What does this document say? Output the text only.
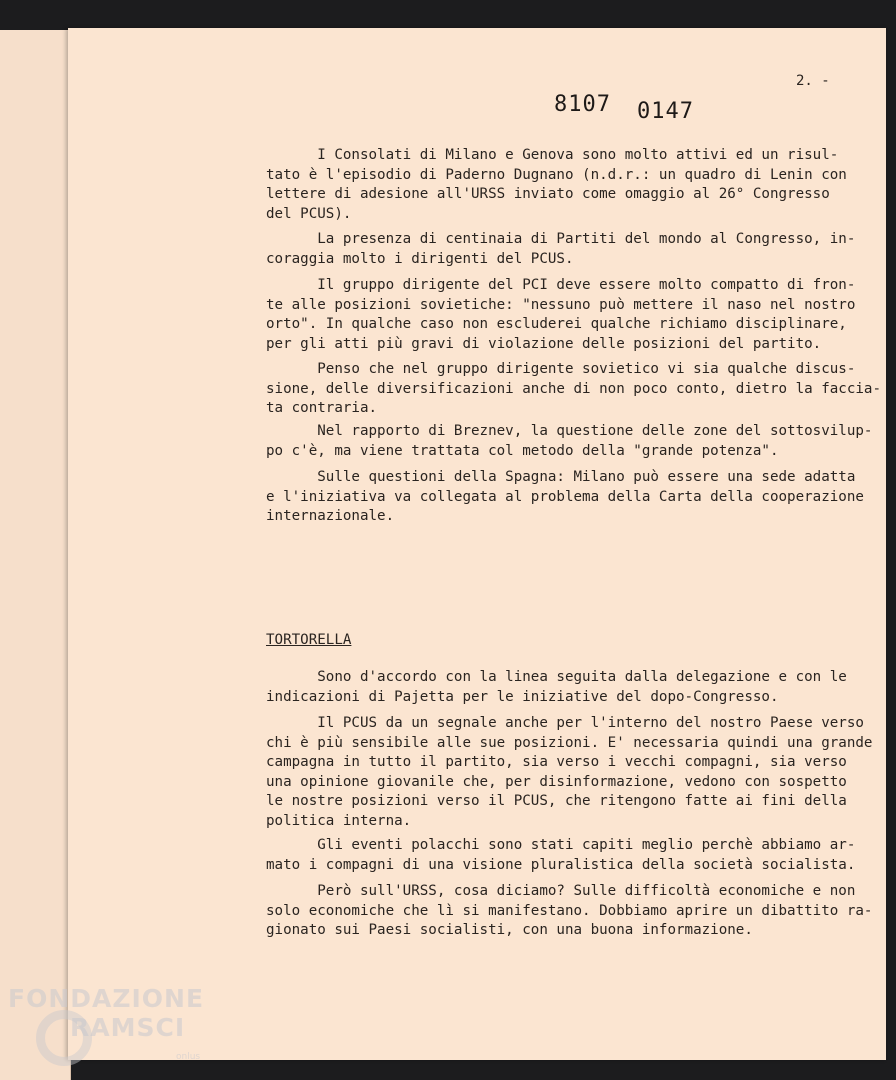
2. -
8107 0147
I Consolati di Milano e Genova sono molto attivi ed un risul-
tato è l'episodio di Paderno Dugnano (n.d.r.: un quadro di Lenin con
lettere di adesione all'URSS inviato come omaggio al 26° Congresso
del PCUS).
La presenza di centinaia di Partiti del mondo al Congresso, in-
coraggia molto i dirigenti del PCUS.
Il gruppo dirigente del PCI deve essere molto compatto di fron-
te alle posizioni sovietiche: "nessuno può mettere il naso nel nostro
orto". In qualche caso non escluderei qualche richiamo disciplinare,
per gli atti più gravi di violazione delle posizioni del partito.
Penso che nel gruppo dirigente sovietico vi sia qualche discus-
sione, delle diversificazioni anche di non poco conto, dietro la faccia-
ta contraria.
Nel rapporto di Breznev, la questione delle zone del sottosvilup-
po c'è, ma viene trattata col metodo della "grande potenza".
Sulle questioni della Spagna: Milano può essere una sede adatta
e l'iniziativa va collegata al problema della Carta della cooperazione
internazionale.
TORTORELLA
Sono d'accordo con la linea seguita dalla delegazione e con le
indicazioni di Pajetta per le iniziative del dopo-Congresso.
Il PCUS da un segnale anche per l'interno del nostro Paese verso
chi è più sensibile alle sue posizioni. E' necessaria quindi una grande
campagna in tutto il partito, sia verso i vecchi compagni, sia verso
una opinione giovanile che, per disinformazione, vedono con sospetto
le nostre posizioni verso il PCUS, che ritengono fatte ai fini della
politica interna.
Gli eventi polacchi sono stati capiti meglio perchè abbiamo ar-
mato i compagni di una visione pluralistica della società socialista.
Però sull'URSS, cosa diciamo? Sulle difficoltà economiche e non
solo economiche che lì si manifestano. Dobbiamo aprire un dibattito ra-
gionato sui Paesi socialisti, con una buona informazione.
FONDAZIONE
RAMSCI
onlus
